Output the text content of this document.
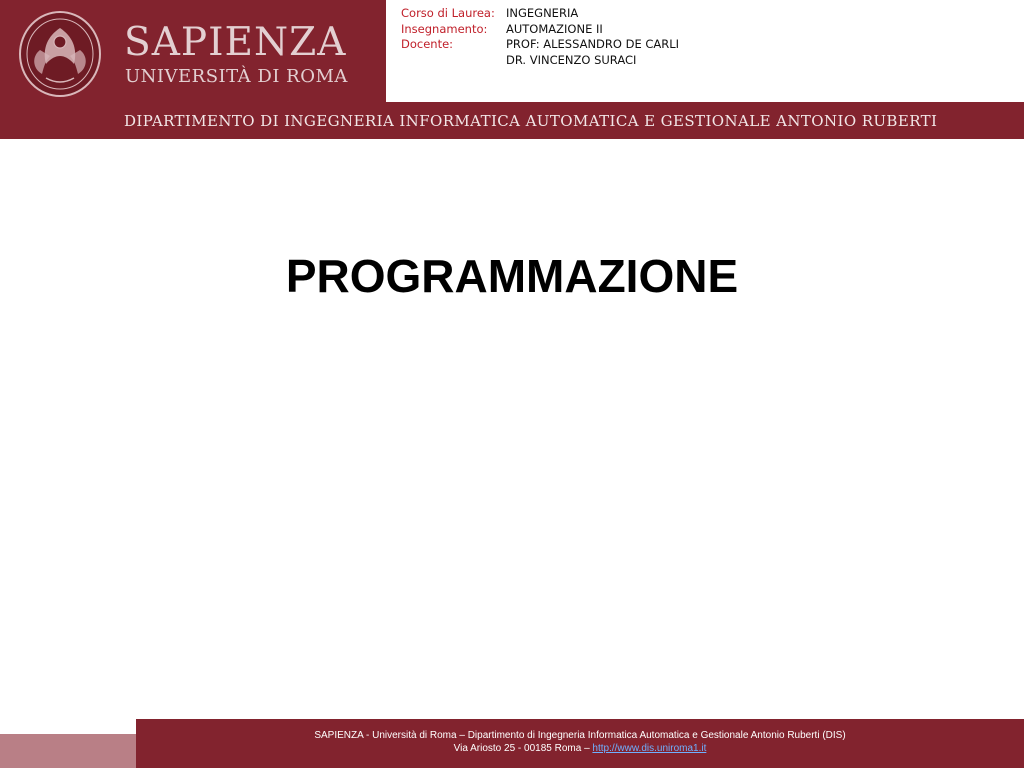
SAPIENZA
UNIVERSITÀ DI ROMA
Corso di Laurea: INGEGNERIA
Insegnamento:	AUTOMAZIONE II
Docente:	PROF: ALESSANDRO DE CARLI
DR. VINCENZO SURACI
DIPARTIMENTO DI INGEGNERIA INFORMATICA AUTOMATICA E GESTIONALE ANTONIO RUBERTI
PROGRAMMAZIONE
SAPIENZA - Università di Roma – Dipartimento di Ingegneria Informatica Automatica e Gestionale Antonio Ruberti (DIS)
Via Ariosto 25 - 00185 Roma – http://www.dis.uniroma1.it
